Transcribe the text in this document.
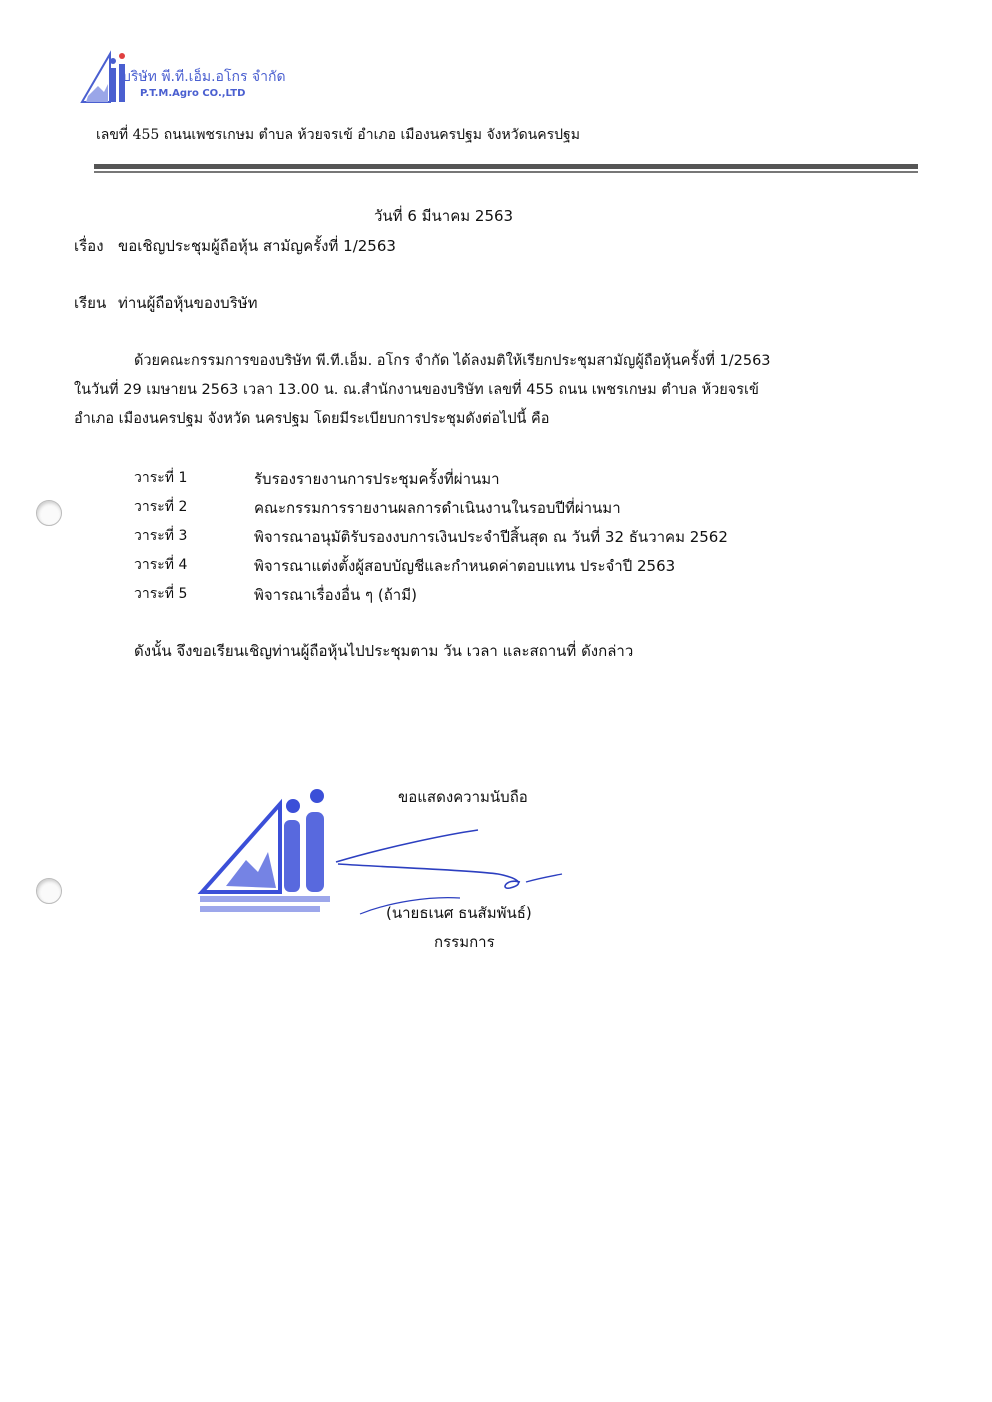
บริษัท พี.ที.เอ็ม.อโกร จำกัด
P.T.M.Agro CO.,LTD
เลขที่ 455 ถนนเพชรเกษม ตำบล ห้วยจรเข้ อำเภอ เมืองนครปฐม จังหวัดนครปฐม
วันที่ 6 มีนาคม 2563
เรื่อง ขอเชิญประชุมผู้ถือหุ้น สามัญครั้งที่ 1/2563
เรียน ท่านผู้ถือหุ้นของบริษัท
ด้วยคณะกรรมการของบริษัท พี.ที.เอ็ม. อโกร จำกัด ได้ลงมติให้เรียกประชุมสามัญผู้ถือหุ้นครั้งที่ 1/2563
ในวันที่ 29 เมษายน 2563 เวลา 13.00 น. ณ.สำนักงานของบริษัท เลขที่ 455 ถนน เพชรเกษม ตำบล ห้วยจรเข้
อำเภอ เมืองนครปฐม จังหวัด นครปฐม โดยมีระเบียบการประชุมดังต่อไปนี้ คือ
วาระที่ 1	รับรองรายงานการประชุมครั้งที่ผ่านมา
วาระที่ 2	คณะกรรมการรายงานผลการดำเนินงานในรอบปีที่ผ่านมา
วาระที่ 3	พิจารณาอนุมัติรับรองงบการเงินประจำปีสิ้นสุด ณ วันที่ 32 ธันวาคม 2562
วาระที่ 4	พิจารณาแต่งตั้งผู้สอบบัญชีและกำหนดค่าตอบแทน ประจำปี 2563
วาระที่ 5	พิจารณาเรื่องอื่น ๆ (ถ้ามี)
ดังนั้น จึงขอเรียนเชิญท่านผู้ถือหุ้นไปประชุมตาม วัน เวลา และสถานที่ ดังกล่าว
ขอแสดงความนับถือ
(นายธเนศ ธนสัมพันธ์)
กรรมการ
